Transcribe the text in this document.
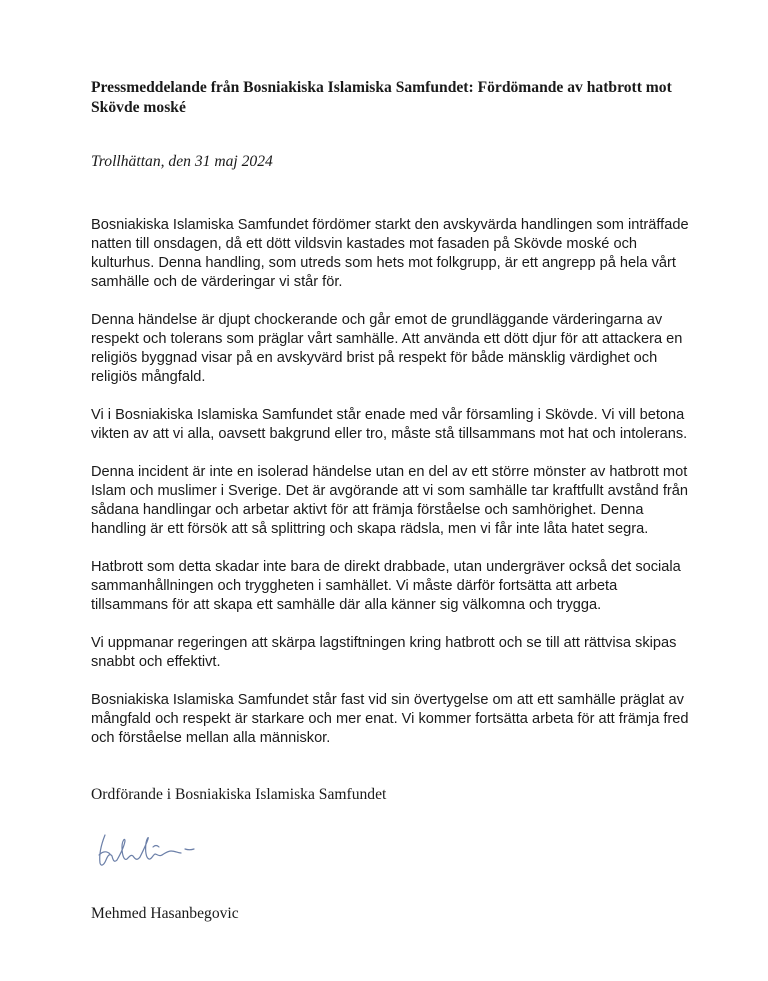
Pressmeddelande från Bosniakiska Islamiska Samfundet: Fördömande av hatbrott mot Skövde moské

Trollhättan, den 31 maj 2024

Bosniakiska Islamiska Samfundet fördömer starkt den avskyvärda handlingen som inträffade natten till onsdagen, då ett dött vildsvin kastades mot fasaden på Skövde moské och kulturhus. Denna handling, som utreds som hets mot folkgrupp, är ett angrepp på hela vårt samhälle och de värderingar vi står för.

Denna händelse är djupt chockerande och går emot de grundläggande värderingarna av respekt och tolerans som präglar vårt samhälle. Att använda ett dött djur för att attackera en religiös byggnad visar på en avskyvärd brist på respekt för både mänsklig värdighet och religiös mångfald.

Vi i Bosniakiska Islamiska Samfundet står enade med vår församling i Skövde. Vi vill betona vikten av att vi alla, oavsett bakgrund eller tro, måste stå tillsammans mot hat och intolerans.

Denna incident är inte en isolerad händelse utan en del av ett större mönster av hatbrott mot Islam och muslimer i Sverige. Det är avgörande att vi som samhälle tar kraftfullt avstånd från sådana handlingar och arbetar aktivt för att främja förståelse och samhörighet. Denna handling är ett försök att så splittring och skapa rädsla, men vi får inte låta hatet segra.

Hatbrott som detta skadar inte bara de direkt drabbade, utan undergräver också det sociala sammanhållningen och tryggheten i samhället. Vi måste därför fortsätta att arbeta tillsammans för att skapa ett samhälle där alla känner sig välkomna och trygga.

Vi uppmanar regeringen att skärpa lagstiftningen kring hatbrott och se till att rättvisa skipas snabbt och effektivt.

Bosniakiska Islamiska Samfundet står fast vid sin övertygelse om att ett samhälle präglat av mångfald och respekt är starkare och mer enat. Vi kommer fortsätta arbeta för att främja fred och förståelse mellan alla människor.

Ordförande i Bosniakiska Islamiska Samfundet

Mehmed Hasanbegovic
